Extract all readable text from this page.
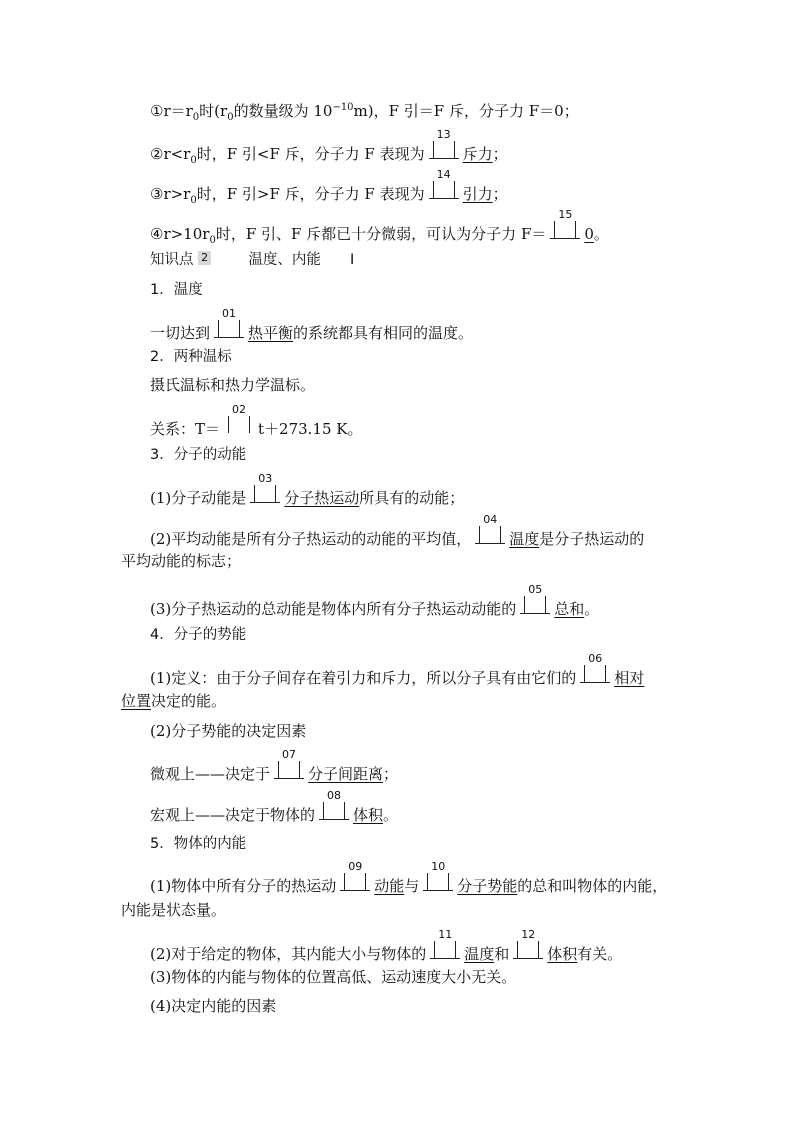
$①r=r_0$时($r_0$的数量级为 $10^{-10}m$)，F 引＝F 斥，分子力 F＝0；
$②r<r_0$时，F 引<F 斥，分子力 F 表现为
13
斥力；
$③r>r_0$时，F 引>F 斥，分子力 F 表现为
14
引力；
$④r>10r_0$时，F 引、F 斥都已十分微弱，可认为分子力 F＝
15
0。
知识点 2	温度、内能 Ⅰ
1．温度
一切达到
01
热平衡的系统都具有相同的温度。
2．两种温标
摄氏温标和热力学温标。
关系：T＝
02
t＋273.15 K。
3．分子的动能
(1)分子动能是
03
分子热运动所具有的动能；
(2)平均动能是所有分子热运动的动能的平均值，
04
温度是分子热运动的
平均动能的标志；
(3)分子热运动的总动能是物体内所有分子热运动动能的
05
总和。
4．分子的势能
(1)定义：由于分子间存在着引力和斥力，所以分子具有由它们的
06
相对
位置决定的能。
(2)分子势能的决定因素
微观上——决定于
07
分子间距离；
宏观上——决定于物体的
08
体积。
5．物体的内能
(1)物体中所有分子的热运动
09
动能与
10
分子势能的总和叫物体的内能，
内能是状态量。
(2)对于给定的物体，其内能大小与物体的
11
温度和
12
体积有关。
(3)物体的内能与物体的位置高低、运动速度大小无关。
(4)决定内能的因素
